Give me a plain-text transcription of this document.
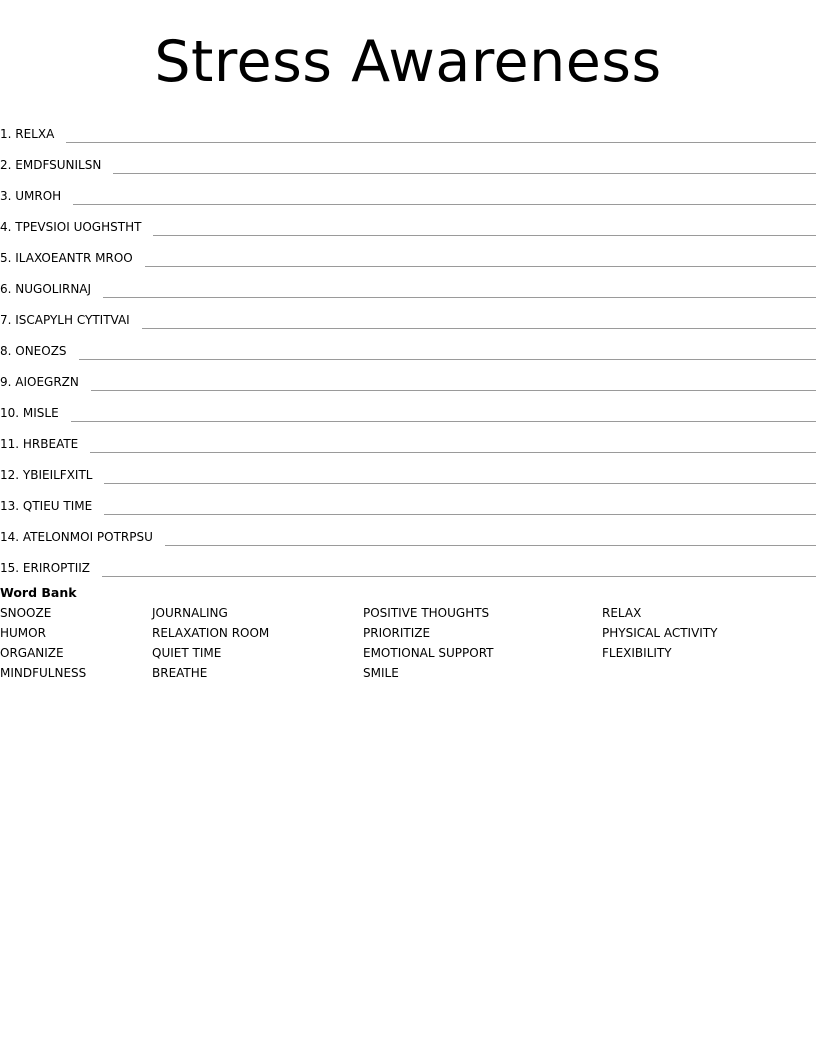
Stress Awareness
1. RELXA
2. EMDFSUNILSN
3. UMROH
4. TPEVSIOI UOGHSTHT
5. ILAXOEANTR MROO
6. NUGOLIRNAJ
7. ISCAPYLH CYTITVAI
8. ONEOZS
9. AIOEGRZN
10. MISLE
11. HRBEATE
12. YBIEILFXITL
13. QTIEU TIME
14. ATELONMOI POTRPSU
15. ERIROPTIIZ
Word Bank
SNOOZE
HUMOR
ORGANIZE
MINDFULNESS
JOURNALING
RELAXATION ROOM
QUIET TIME
BREATHE
POSITIVE THOUGHTS
PRIORITIZE
EMOTIONAL SUPPORT
SMILE
RELAX
PHYSICAL ACTIVITY
FLEXIBILITY
